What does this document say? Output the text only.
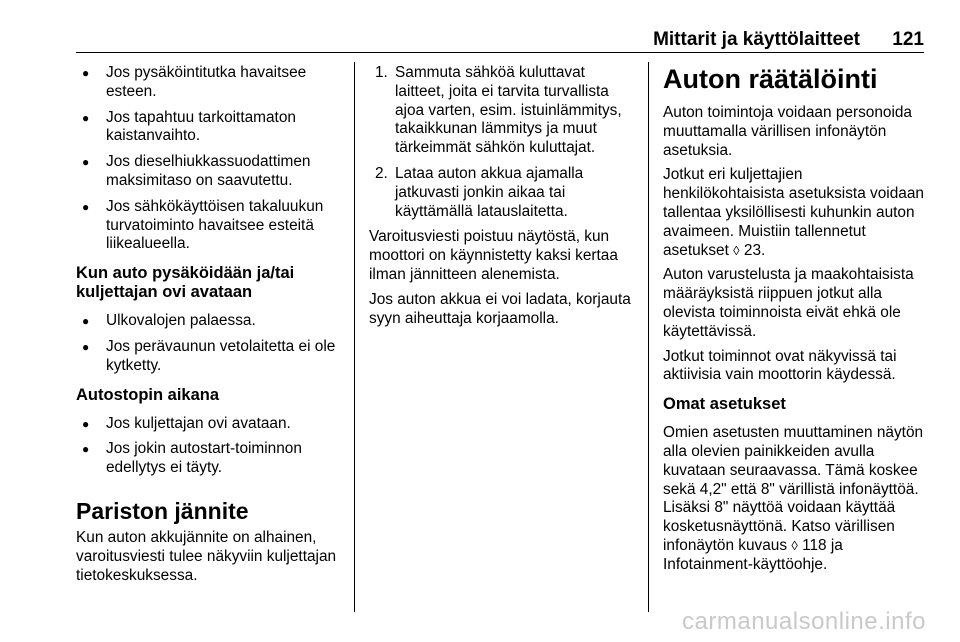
Mittarit ja käyttölaitteet 121
● Jos pysäköintitutka havaitsee esteen.
● Jos tapahtuu tarkoittamaton kaistanvaihto.
● Jos dieselhiukkassuodattimen maksimitaso on saavutettu.
● Jos sähkökäyttöisen takaluukun turvatoiminto havaitsee esteitä liikealueella.
Kun auto pysäköidään ja/tai kuljettajan ovi avataan
● Ulkovalojen palaessa.
● Jos perävaunun vetolaitetta ei ole kytketty.
Autostopin aikana
● Jos kuljettajan ovi avataan.
● Jos jokin autostart-toiminnon edellytys ei täyty.
Pariston jännite

Kun auton akkujännite on alhainen, varoitusviesti tulee näkyviin kuljettajan tietokeskuksessa.

1. Sammuta sähköä kuluttavat laitteet, joita ei tarvita turvallista ajoa varten, esim. istuinlämmitys, takaikkunan lämmitys ja muut tärkeimmät sähkön kuluttajat.
2. Lataa auton akkua ajamalla jatkuvasti jonkin aikaa tai käyttämällä latauslaitetta.

Varoitusviesti poistuu näytöstä, kun moottori on käynnistetty kaksi kertaa ilman jännitteen alenemista.

Jos auton akkua ei voi ladata, korjauta syyn aiheuttaja korjaamolla.

Auton räätälöinti

Auton toimintoja voidaan personoida muuttamalla värillisen infonäytön asetuksia.

Jotkut eri kuljettajien henkilökohtaisista asetuksista voidaan tallentaa yksilöllisesti kuhunkin auton avaimeen. Muistiin tallennetut asetukset ◊ 23.

Auton varustelusta ja maakohtaisista määräyksistä riippuen jotkut alla olevista toiminnoista eivät ehkä ole käytettävissä.

Jotkut toiminnot ovat näkyvissä tai aktiivisia vain moottorin käydessä.

Omat asetukset

Omien asetusten muuttaminen näytön alla olevien painikkeiden avulla kuvataan seuraavassa. Tämä koskee sekä 4,2" että 8" värillistä infonäyttöä. Lisäksi 8" näyttöä voidaan käyttää kosketusnäyttönä. Katso värillisen infonäytön kuvaus ◊ 118 ja Infotainment-käyttöohje.

carmanualsonline.info
